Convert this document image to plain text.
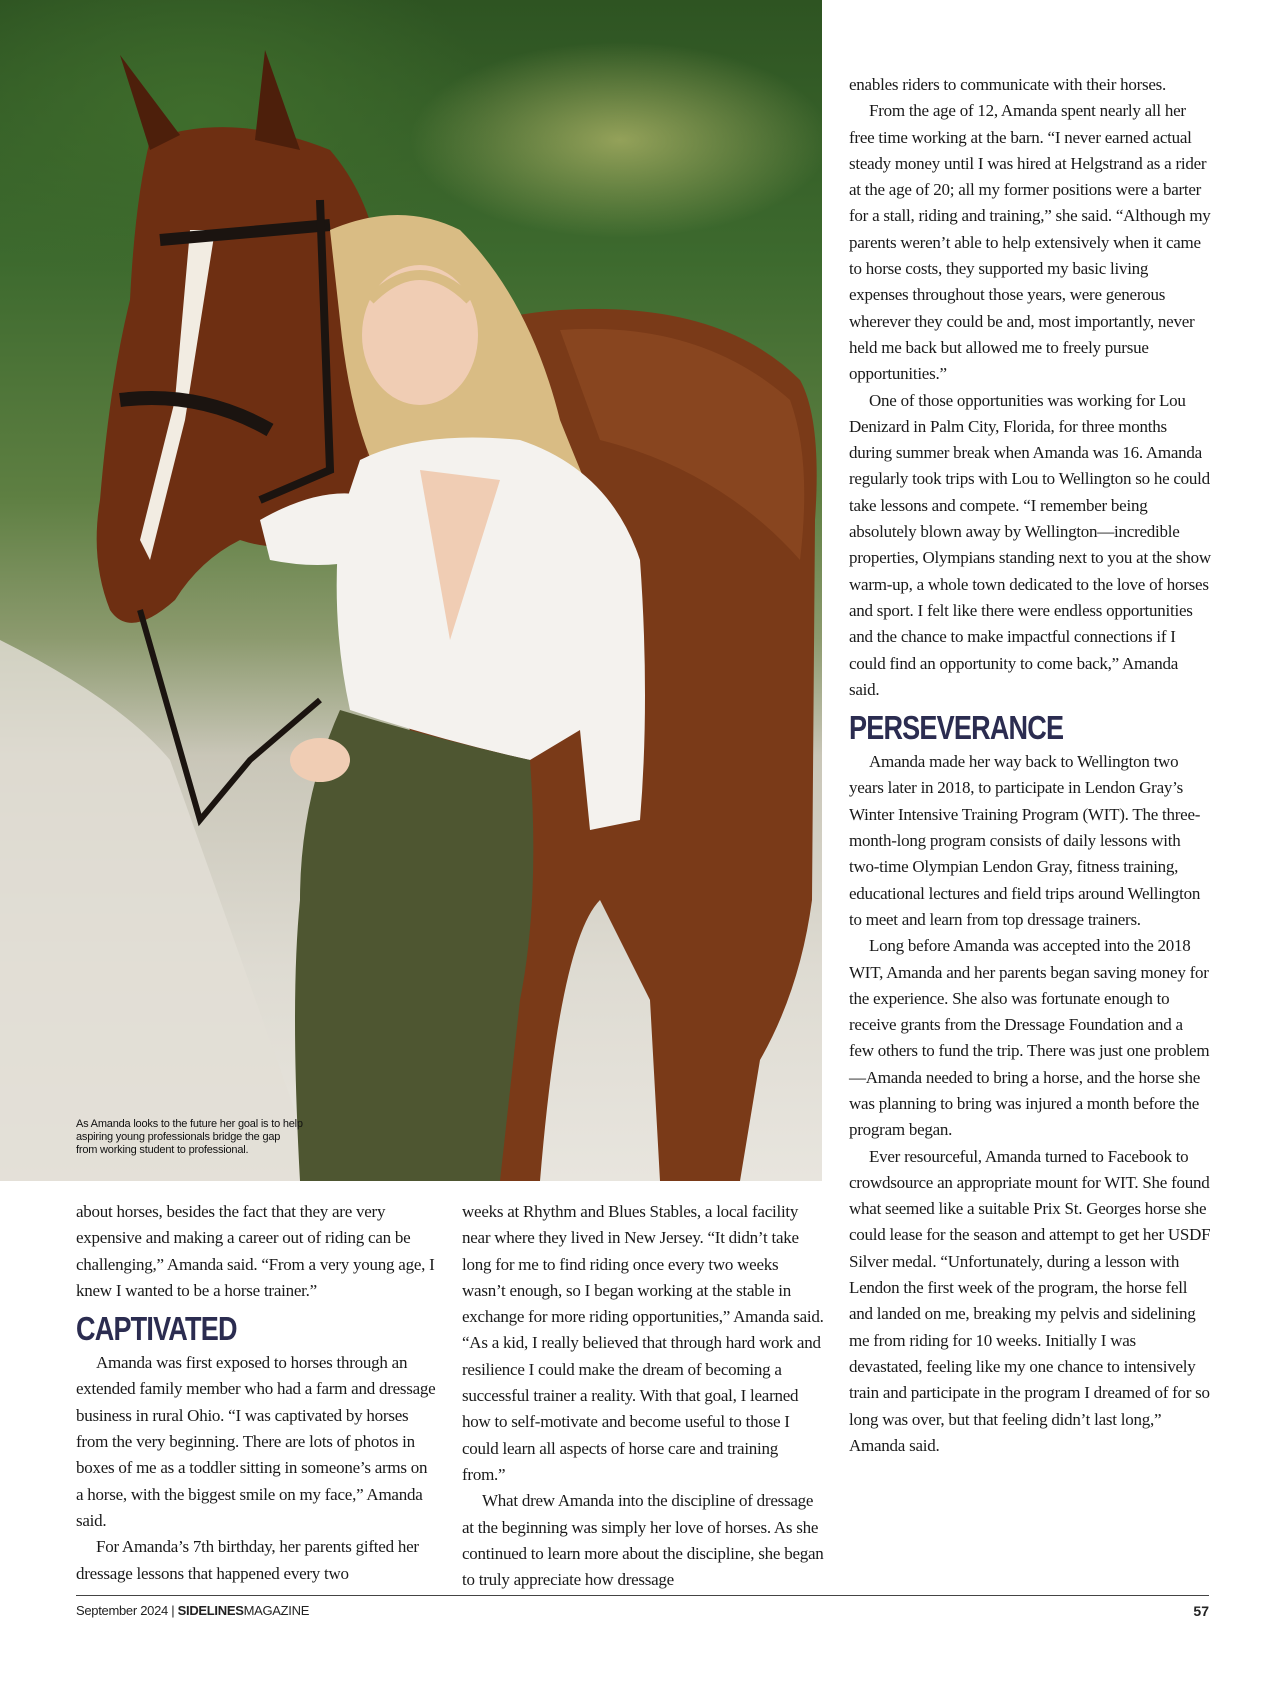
As Amanda looks to the future her goal is to help aspiring young professionals bridge the gap from working student to professional.

enables riders to communicate with their horses.

From the age of 12, Amanda spent nearly all her free time working at the barn. “I never earned actual steady money until I was hired at Helgstrand as a rider at the age of 20; all my former positions were a barter for a stall, riding and training,” she said. “Although my parents weren’t able to help extensively when it came to horse costs, they supported my basic living expenses throughout those years, were generous wherever they could be and, most importantly, never held me back but allowed me to freely pursue opportunities.”

One of those opportunities was working for Lou Denizard in Palm City, Florida, for three months during summer break when Amanda was 16. Amanda regularly took trips with Lou to Wellington so he could take lessons and compete. “I remember being absolutely blown away by Wellington—incredible properties, Olympians standing next to you at the show warm-up, a whole town dedicated to the love of horses and sport. I felt like there were endless opportunities and the chance to make impactful connections if I could find an opportunity to come back,” Amanda said.

PERSEVERANCE

Amanda made her way back to Wellington two years later in 2018, to participate in Lendon Gray’s Winter Intensive Training Program (WIT). The three-month-long program consists of daily lessons with two-time Olympian Lendon Gray, fitness training, educational lectures and field trips around Wellington to meet and learn from top dressage trainers.

Long before Amanda was accepted into the 2018 WIT, Amanda and her parents began saving money for the experience. She also was fortunate enough to receive grants from the Dressage Foundation and a few others to fund the trip. There was just one problem—Amanda needed to bring a horse, and the horse she was planning to bring was injured a month before the program began.

Ever resourceful, Amanda turned to Facebook to crowdsource an appropriate mount for WIT. She found what seemed like a suitable Prix St. Georges horse she could lease for the season and attempt to get her USDF Silver medal. “Unfortunately, during a lesson with Lendon the first week of the program, the horse fell and landed on me, breaking my pelvis and sidelining me from riding for 10 weeks. Initially I was devastated, feeling like my one chance to intensively train and participate in the program I dreamed of for so long was over, but that feeling didn’t last long,” Amanda said.

about horses, besides the fact that they are very expensive and making a career out of riding can be challenging,” Amanda said. “From a very young age, I knew I wanted to be a horse trainer.”

CAPTIVATED

Amanda was first exposed to horses through an extended family member who had a farm and dressage business in rural Ohio. “I was captivated by horses from the very beginning. There are lots of photos in boxes of me as a toddler sitting in someone’s arms on a horse, with the biggest smile on my face,” Amanda said.

For Amanda’s 7th birthday, her parents gifted her dressage lessons that happened every two

weeks at Rhythm and Blues Stables, a local facility near where they lived in New Jersey. “It didn’t take long for me to find riding once every two weeks wasn’t enough, so I began working at the stable in exchange for more riding opportunities,” Amanda said. “As a kid, I really believed that through hard work and resilience I could make the dream of becoming a successful trainer a reality. With that goal, I learned how to self-motivate and become useful to those I could learn all aspects of horse care and training from.”

What drew Amanda into the discipline of dressage at the beginning was simply her love of horses. As she continued to learn more about the discipline, she began to truly appreciate how dressage

September 2024 | SIDELINESMAGAZINE	57
